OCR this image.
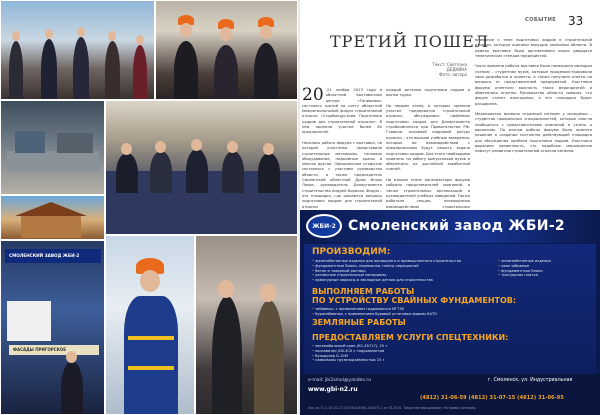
СМОЛЕНСКИЙ ЗАВОД ЖБИ-2
ФАСАДЫ ПРИГОРСКОЕ
СОБЫТИЕ 33
ТРЕТИЙ ПОШЕЛ
Текст: Светлана ДЕДКИНА
Фото: автора
20 -21 ноября 2013 года в областном выставочном центре «Тенишевы» состоялся третий по счёту областной межрегиональный форум строительной отрасли «Стройиндустрия. Подготовка кадров для строительной отрасли». В нём приняли участие более 80 предприятий.

Началась работа форума с выставки, на которой участники представили строительные материалы, тепловое оборудование, подъемные краны и многое другое. Официальное открытие состоялось с участием руководства области, а также председатель Смоленской областной Думы Игорь Ляхов, руководитель Департамента строительства Андрей Борисов. Форум – это площадка, где решаются вопросы подготовки кадров для строительной отрасли
каждой деталью подготовки кадров и рынка труда.

На первом этапе, в котором приняли участие предприятия строительной отрасли, обсуждались проблемы подготовки кадров для Департамента стройкомплекса при Правительстве РФ. Главное: основной кадровый ресурс отрасли – это высшие учебные заведения, которые во взаимодействии с предприятиями будут решать задачи подготовки кадров. Для этого необходимо привлечь на работу выпускников вузов и обеспечить их достойной заработной платой.

На втором этапе организаторы форума собрали представителей компаний, а также строительных организаций и руководителей учебных заведений. Также работала секция, посвящённая взаимодействию строительных
внимание к теме подготовки кадров в строительной отрасли, которую оценили ведущие компании области. В рамках выставки было организовано около двадцати тематических стендов предприятий.

Часть времени работы выставки была посвящена молодым ученым – студентам вузов, которые продемонстрировали свои разработки и проекты, а также получили ответы на вопросы от представителей предприятий. Участники форума отметили важность таких мероприятий и обменялись опытом. Руководство области заявило, что форум станет ежегодным, а его площадка будет расширена.

Мероприятие вызвало огромный интерес у молодёжи – студентов профильных специальностей, которые смогли пообщаться с представителями компаний и узнать о вакансиях. По итогам работы форума было принято решение о создании постоянно действующей площадки для обсуждения проблем подготовки кадров. Участники выразили уверенность, что подобные мероприятия помогут развитию строительной отрасли региона.
ЖБИ-2 Смоленский завод ЖБИ-2
ПРОИЗВОДИМ:
• железобетонные изделия для жилищного и промышленного строительства
• фундаментные блоки, перемычки, плиты перекрытий
• бетон и товарный раствор
• различные строительные материалы
• арматурные каркасы и закладные детали для строительства
• железобетонные изделия
• сваи забивные
• фундаментные блоки
• тротуарная плитка
ВЫПОЛНЯЕМ РАБОТЫ
ПО УСТРОЙСТВУ СВАЙНЫХ ФУНДАМЕНТОВ:
• забивных, с применением гидромолота МГ750
• буронабивных, с применением буровой установки фирмы КАТО
ЗЕМЛЯНЫЕ РАБОТЫ
ПРЕДОСТАВЛЯЕМ УСЛУГИ СПЕЦТЕХНИКИ:
• автомобильный кран (КС-45717), 25 т
• экскаватор JCB-3CX с гидромолотом
• бульдозер Б-10М
• самосвалы грузоподъёмностью 15 т
e-mail: jbi2smol@yandex.ru
www.gbi-n2.ru
г. Смоленск, ул. Индустриальная
(4812) 31-06-59 (4812) 31-07-15 (4812) 31-06-95
Лиц. № ГС-1-67-02-27-0-6731026361-000275-1 от 03.2010. Товар сертифицирован. На правах рекламы.
